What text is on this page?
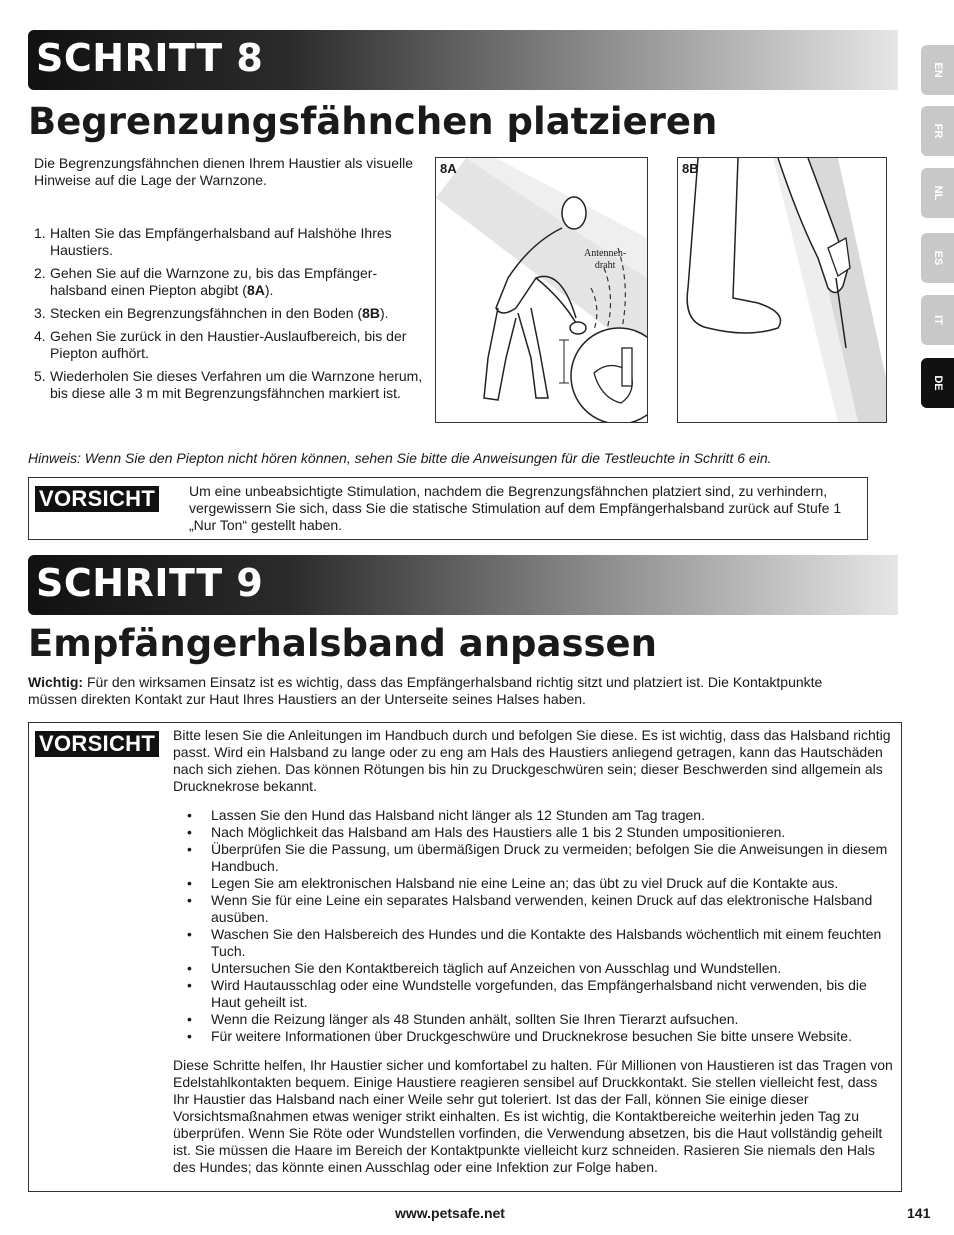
SCHRITT 8
Begrenzungsfähnchen platzieren
Die Begrenzungsfähnchen dienen Ihrem Haustier als visuelle Hinweise auf die Lage der Warnzone.
1. Halten Sie das Empfängerhalsband auf Halshöhe Ihres Haustiers.
2. Gehen Sie auf die Warnzone zu, bis das Empfänger-halsband einen Piepton abgibt (8A).
3. Stecken ein Begrenzungsfähnchen in den Boden (8B).
4. Gehen Sie zurück in den Haustier-Auslaufbereich, bis der Piepton aufhört.
5. Wiederholen Sie dieses Verfahren um die Warnzone herum, bis diese alle 3 m mit Begrenzungsfähnchen markiert ist.
8A
Antennen-
draht
8B
Hinweis: Wenn Sie den Piepton nicht hören können, sehen Sie bitte die Anweisungen für die Testleuchte in Schritt 6 ein.
VORSICHT Um eine unbeabsichtigte Stimulation, nachdem die Begrenzungsfähnchen platziert sind, zu verhindern, vergewissern Sie sich, dass Sie die statische Stimulation auf dem Empfängerhalsband zurück auf Stufe 1 „Nur Ton“ gestellt haben.
SCHRITT 9
Empfängerhalsband anpassen
Wichtig: Für den wirksamen Einsatz ist es wichtig, dass das Empfängerhalsband richtig sitzt und platziert ist. Die Kontaktpunkte müssen direkten Kontakt zur Haut Ihres Haustiers an der Unterseite seines Halses haben.
VORSICHT Bitte lesen Sie die Anleitungen im Handbuch durch und befolgen Sie diese. Es ist wichtig, dass das Halsband richtig passt. Wird ein Halsband zu lange oder zu eng am Hals des Haustiers anliegend getragen, kann das Hautschäden nach sich ziehen. Das können Rötungen bis hin zu Druckgeschwüren sein; dieser Beschwerden sind allgemein als Drucknekrose bekannt.
• Lassen Sie den Hund das Halsband nicht länger als 12 Stunden am Tag tragen.
• Nach Möglichkeit das Halsband am Hals des Haustiers alle 1 bis 2 Stunden umpositionieren.
• Überprüfen Sie die Passung, um übermäßigen Druck zu vermeiden; befolgen Sie die Anweisungen in diesem Handbuch.
• Legen Sie am elektronischen Halsband nie eine Leine an; das übt zu viel Druck auf die Kontakte aus.
• Wenn Sie für eine Leine ein separates Halsband verwenden, keinen Druck auf das elektronische Halsband ausüben.
• Waschen Sie den Halsbereich des Hundes und die Kontakte des Halsbands wöchentlich mit einem feuchten Tuch.
• Untersuchen Sie den Kontaktbereich täglich auf Anzeichen von Ausschlag und Wundstellen.
• Wird Hautausschlag oder eine Wundstelle vorgefunden, das Empfängerhalsband nicht verwenden, bis die Haut geheilt ist.
• Wenn die Reizung länger als 48 Stunden anhält, sollten Sie Ihren Tierarzt aufsuchen.
• Für weitere Informationen über Druckgeschwüre und Drucknekrose besuchen Sie bitte unsere Website.
Diese Schritte helfen, Ihr Haustier sicher und komfortabel zu halten. Für Millionen von Haustieren ist das Tragen von Edelstahlkontakten bequem. Einige Haustiere reagieren sensibel auf Druckkontakt. Sie stellen vielleicht fest, dass Ihr Haustier das Halsband nach einer Weile sehr gut toleriert. Ist das der Fall, können Sie einige dieser Vorsichtsmaßnahmen etwas weniger strikt einhalten. Es ist wichtig, die Kontaktbereiche weiterhin jeden Tag zu überprüfen. Wenn Sie Röte oder Wundstellen vorfinden, die Verwendung absetzen, bis die Haut vollständig geheilt ist. Sie müssen die Haare im Bereich der Kontaktpunkte vielleicht kurz schneiden. Rasieren Sie niemals den Hals des Hundes; das könnte einen Ausschlag oder eine Infektion zur Folge haben.
EN
FR
NL
ES
IT
DE
www.petsafe.net	141
